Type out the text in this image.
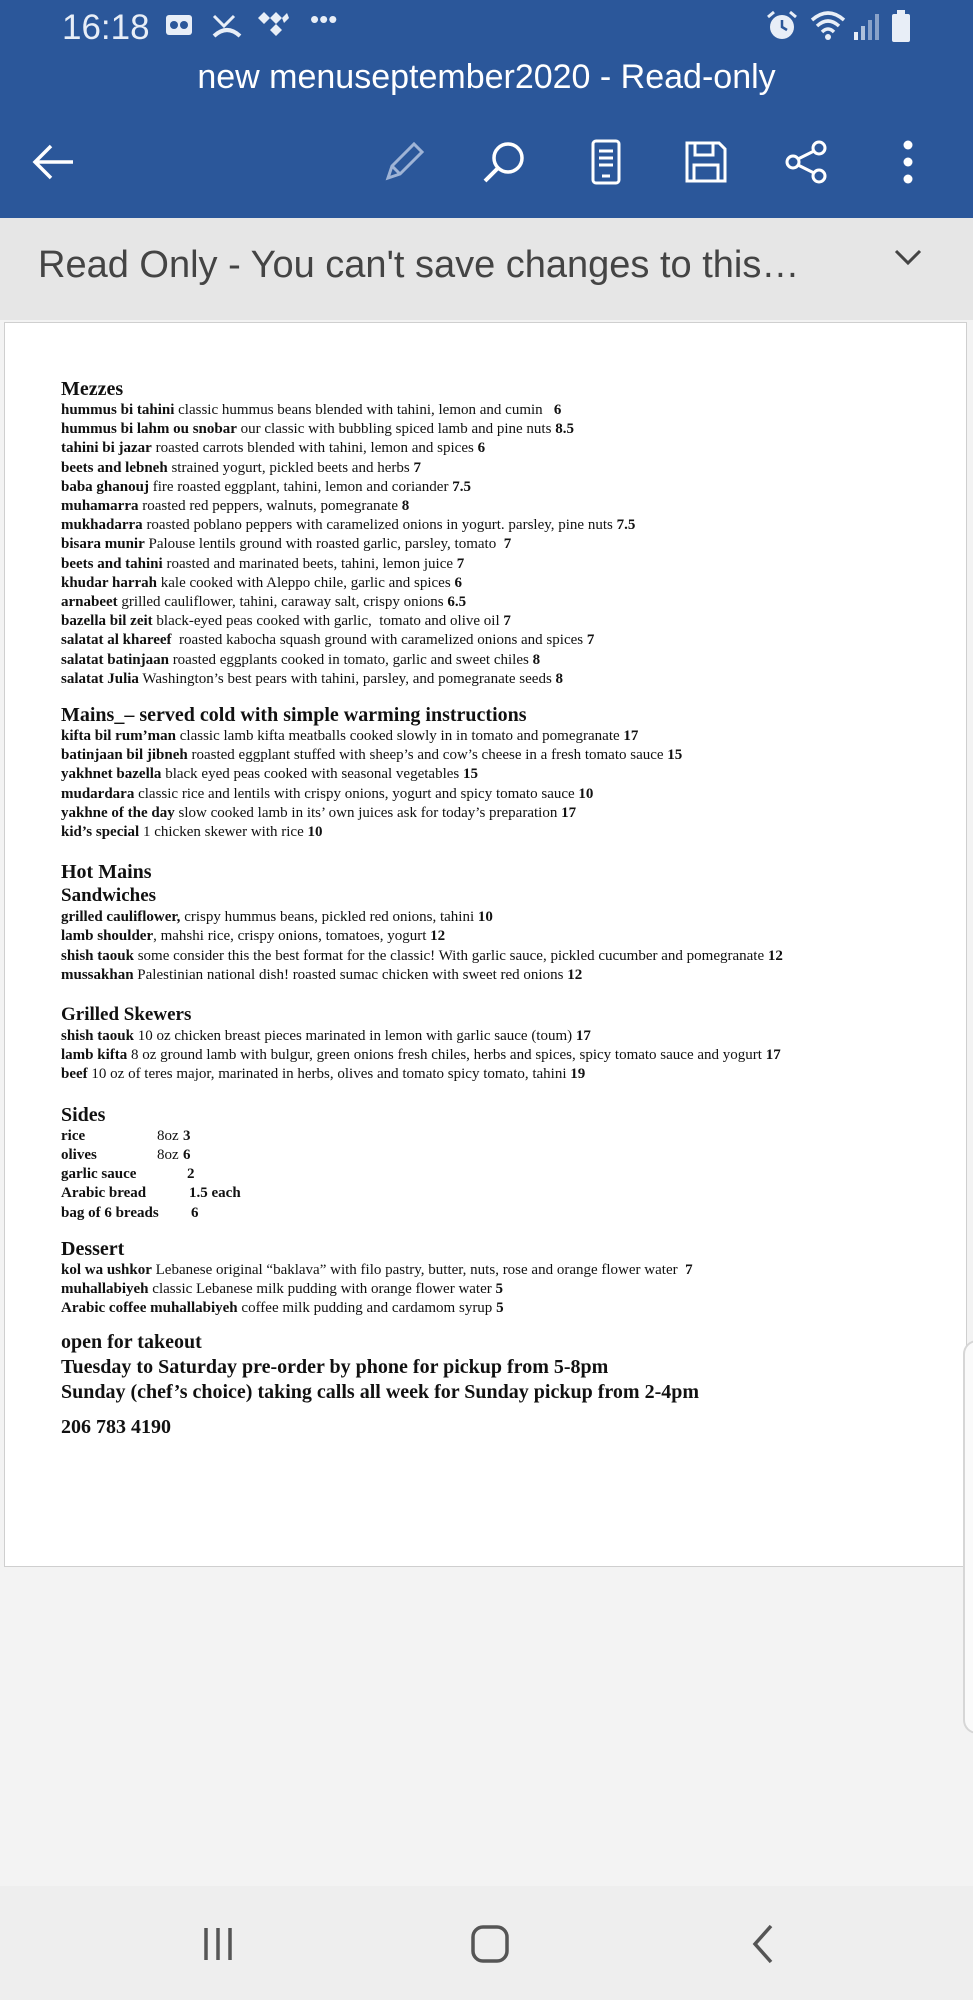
16:18	•••
new menuseptember2020 - Read-only
Read Only - You can't save changes to this…
Mezzes
hummus bi tahini classic hummus beans blended with tahini, lemon and cumin   6
hummus bi lahm ou snobar our classic with bubbling spiced lamb and pine nuts 8.5
tahini bi jazar roasted carrots blended with tahini, lemon and spices 6
beets and lebneh strained yogurt, pickled beets and herbs 7
baba ghanouj fire roasted eggplant, tahini, lemon and coriander 7.5
muhamarra roasted red peppers, walnuts, pomegranate 8
mukhadarra roasted poblano peppers with caramelized onions in yogurt. parsley, pine nuts 7.5
bisara munir Palouse lentils ground with roasted garlic, parsley, tomato  7
beets and tahini roasted and marinated beets, tahini, lemon juice 7
khudar harrah kale cooked with Aleppo chile, garlic and spices 6
arnabeet grilled cauliflower, tahini, caraway salt, crispy onions 6.5
bazella bil zeit black-eyed peas cooked with garlic,  tomato and olive oil 7
salatat al khareef  roasted kabocha squash ground with caramelized onions and spices 7
salatat batinjaan roasted eggplants cooked in tomato, garlic and sweet chiles 8
salatat Julia Washington’s best pears with tahini, parsley, and pomegranate seeds 8
Mains_– served cold with simple warming instructions
kifta bil rum’man classic lamb kifta meatballs cooked slowly in in tomato and pomegranate 17
batinjaan bil jibneh roasted eggplant stuffed with sheep’s and cow’s cheese in a fresh tomato sauce 15
yakhnet bazella black eyed peas cooked with seasonal vegetables 15
mudardara classic rice and lentils with crispy onions, yogurt and spicy tomato sauce 10
yakhne of the day slow cooked lamb in its’ own juices ask for today’s preparation 17
kid’s special 1 chicken skewer with rice 10
Hot Mains
Sandwiches
grilled cauliflower, crispy hummus beans, pickled red onions, tahini 10
lamb shoulder, mahshi rice, crispy onions, tomatoes, yogurt 12
shish taouk some consider this the best format for the classic! With garlic sauce, pickled cucumber and pomegranate 12
mussakhan Palestinian national dish! roasted sumac chicken with sweet red onions 12
Grilled Skewers
shish taouk 10 oz chicken breast pieces marinated in lemon with garlic sauce (toum) 17
lamb kifta 8 oz ground lamb with bulgur, green onions fresh chiles, herbs and spices, spicy tomato sauce and yogurt 17
beef 10 oz of teres major, marinated in herbs, olives and tomato spicy tomato, tahini 19
Sides
rice	8oz 3
olives	8oz 6
garlic sauce	2
Arabic bread	1.5 each
bag of 6 breads 6
Dessert
kol wa ushkor Lebanese original “baklava” with filo pastry, butter, nuts, rose and orange flower water  7
muhallabiyeh classic Lebanese milk pudding with orange flower water 5
Arabic coffee muhallabiyeh coffee milk pudding and cardamom syrup 5
open for takeout
Tuesday to Saturday pre-order by phone for pickup from 5-8pm
Sunday (chef’s choice) taking calls all week for Sunday pickup from 2-4pm
206 783 4190
